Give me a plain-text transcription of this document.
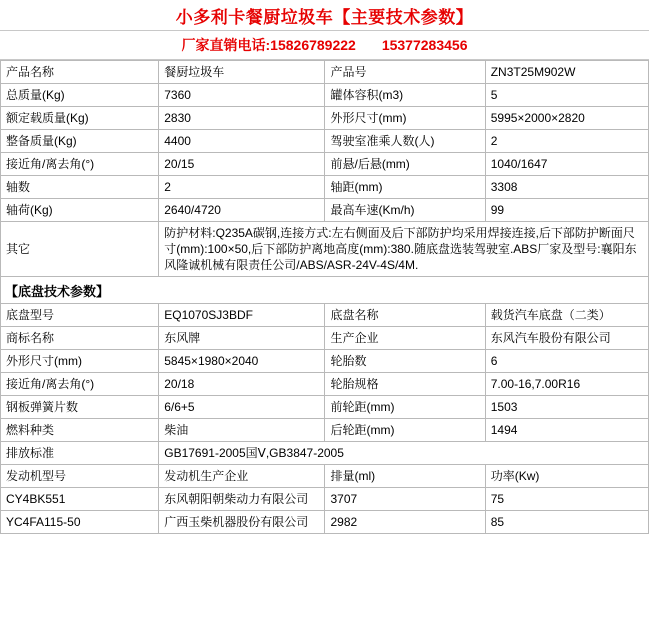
小多利卡餐厨垃圾车【主要技术参数】
厂家直销电话:15826789222 15377283456
产品名称	餐厨垃圾车	产品号	ZN3T25M902W
总质量(Kg)	7360	罐体容积(m3)	5
额定载质量(Kg)	2830	外形尺寸(mm)	5995×2000×2820
整备质量(Kg)	4400	驾驶室准乘人数(人)	2
接近角/离去角(°)	20/15	前悬/后悬(mm)	1040/1647
轴数	2	轴距(mm)	3308
轴荷(Kg)	2640/4720	最高车速(Km/h)	99
其它	防护材料:Q235A碳钢,连接方式:左右侧面及后下部防护均采用焊接连接,后下部防护断面尺寸(mm):100×50,后下部防护离地高度(mm):380.随底盘选装驾驶室.ABS厂家及型号:襄阳东风隆诚机械有限责任公司/ABS/ASR-24V-4S/4M.		
【底盘技术参数】
底盘型号	EQ1070SJ3BDF	底盘名称	载货汽车底盘（二类）
商标名称	东风牌	生产企业	东风汽车股份有限公司
外形尺寸(mm)	5845×1980×2040	轮胎数	6
接近角/离去角(°)	20/18	轮胎规格	7.00-16,7.00R16
钢板弹簧片数	6/6+5	前轮距(mm)	1503
燃料种类	柴油	后轮距(mm)	1494
排放标准	GB17691-2005国Ⅴ,GB3847-2005		
发动机型号	发动机生产企业	排量(ml)	功率(Kw)
CY4BK551	东风朝阳朝柴动力有限公司	3707	75
YC4FA115-50	广西玉柴机器股份有限公司	2982	85
